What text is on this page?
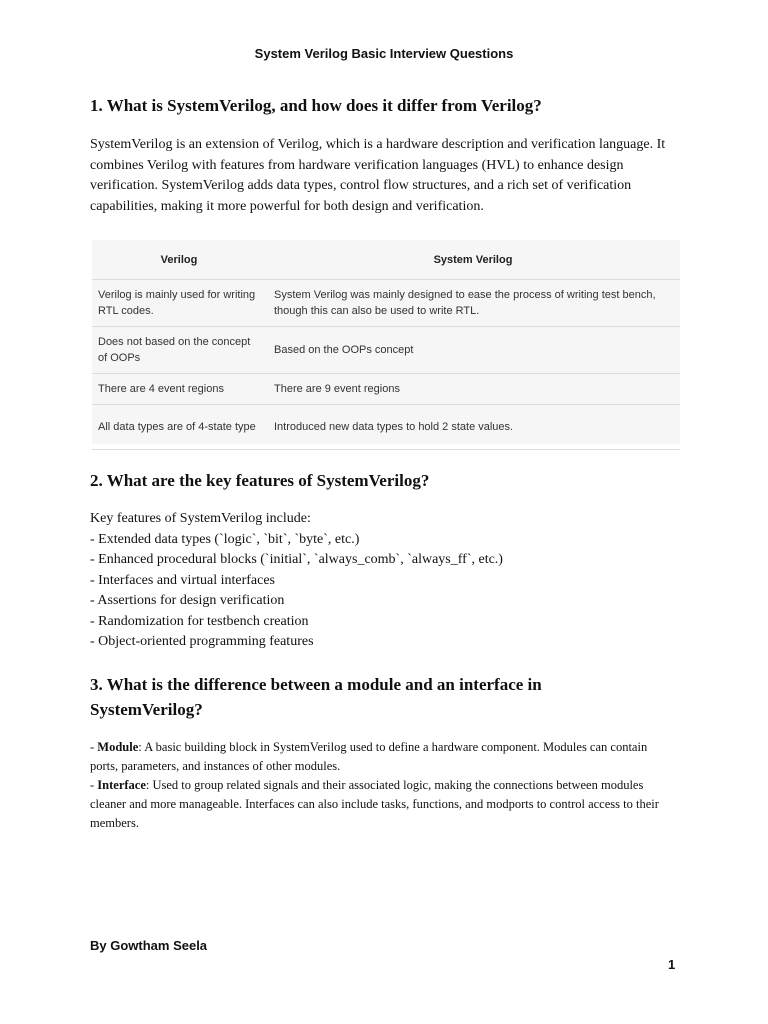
System Verilog Basic Interview Questions
1. What is SystemVerilog, and how does it differ from Verilog?

SystemVerilog is an extension of Verilog, which is a hardware description and verification language. It combines Verilog with features from hardware verification languages (HVL) to enhance design verification. SystemVerilog adds data types, control flow structures, and a rich set of verification capabilities, making it more powerful for both design and verification.

Verilog	System Verilog
Verilog is mainly used for writing RTL codes.	System Verilog was mainly designed to ease the process of writing test bench, though this can also be used to write RTL.
Does not based on the concept of OOPs	Based on the OOPs concept
There are 4 event regions	There are 9 event regions
All data types are of 4-state type	Introduced new data types to hold 2 state values.
2. What are the key features of SystemVerilog?
Key features of SystemVerilog include:
- Extended data types (`logic`, `bit`, `byte`, etc.)
- Enhanced procedural blocks (`initial`, `always_comb`, `always_ff`, etc.)
- Interfaces and virtual interfaces
- Assertions for design verification
- Randomization for testbench creation
- Object-oriented programming features
3. What is the difference between a module and an interface in SystemVerilog?

- Module: A basic building block in SystemVerilog used to define a hardware component. Modules can contain ports, parameters, and instances of other modules.

- Interface: Used to group related signals and their associated logic, making the connections between modules cleaner and more manageable. Interfaces can also include tasks, functions, and modports to control access to their members.

By Gowtham Seela
1
